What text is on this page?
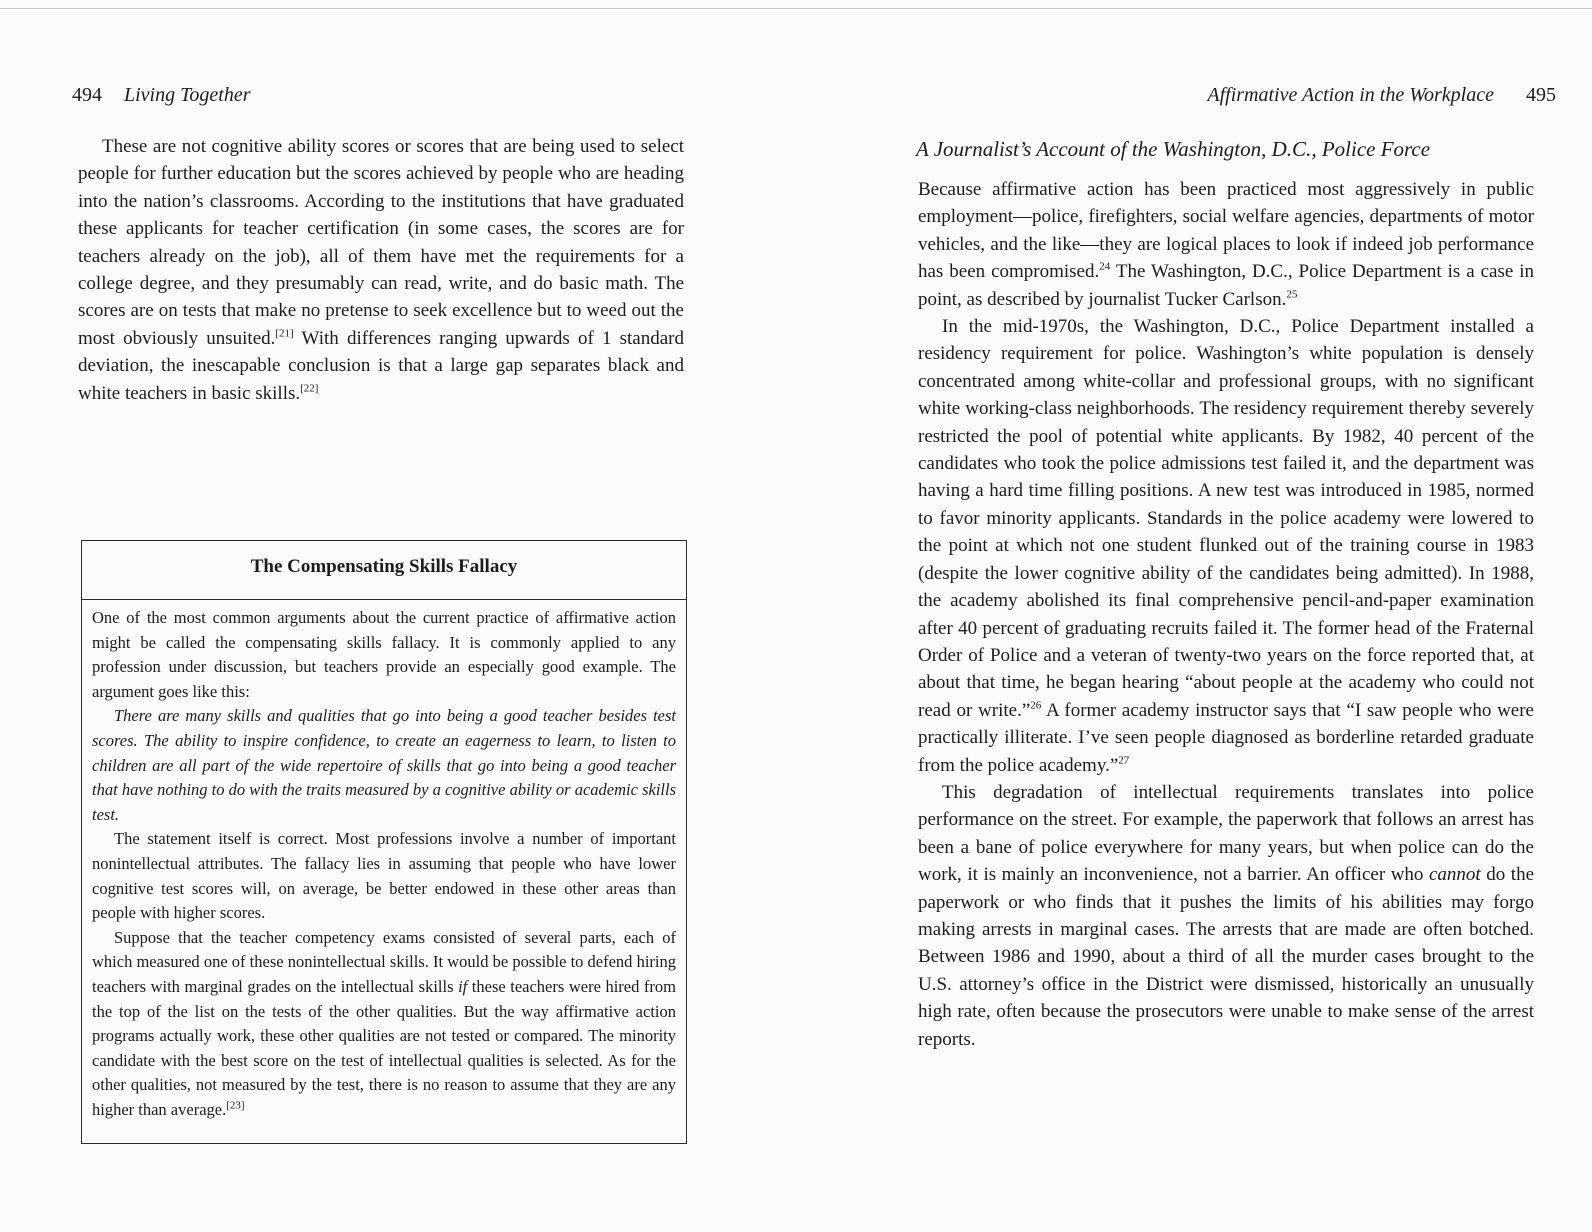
494 Living Together

These are not cognitive ability scores or scores that are being used to select people for further education but the scores achieved by people who are heading into the nation’s classrooms. According to the institutions that have graduated these applicants for teacher certification (in some cases, the scores are for teachers already on the job), all of them have met the requirements for a college degree, and they presumably can read, write, and do basic math. The scores are on tests that make no pretense to seek excellence but to weed out the most obviously unsuited.[21] With differences ranging upwards of 1 standard deviation, the inescapable conclusion is that a large gap separates black and white teachers in basic skills.[22]

The Compensating Skills Fallacy

One of the most common arguments about the current practice of affirmative action might be called the compensating skills fallacy. It is commonly applied to any profession under discussion, but teachers provide an especially good example. The argument goes like this:

There are many skills and qualities that go into being a good teacher besides test scores. The ability to inspire confidence, to create an eagerness to learn, to listen to children are all part of the wide repertoire of skills that go into being a good teacher that have nothing to do with the traits measured by a cognitive ability or academic skills test.

The statement itself is correct. Most professions involve a number of important nonintellectual attributes. The fallacy lies in assuming that people who have lower cognitive test scores will, on average, be better endowed in these other areas than people with higher scores.

Suppose that the teacher competency exams consisted of several parts, each of which measured one of these nonintellectual skills. It would be possible to defend hiring teachers with marginal grades on the intellectual skills if these teachers were hired from the top of the list on the tests of the other qualities. But the way affirmative action programs actually work, these other qualities are not tested or compared. The minority candidate with the best score on the test of intellectual qualities is selected. As for the other qualities, not measured by the test, there is no reason to assume that they are any higher than average.[23]

Affirmative Action in the Workplace 495
A Journalist’s Account of the Washington, D.C., Police Force

Because affirmative action has been practiced most aggressively in public employment—police, firefighters, social welfare agencies, departments of motor vehicles, and the like—they are logical places to look if indeed job performance has been compromised.$^{24}$ The Washington, D.C., Police Department is a case in point, as described by journalist Tucker Carlson.$^{25}$

In the mid-1970s, the Washington, D.C., Police Department installed a residency requirement for police. Washington’s white population is densely concentrated among white-collar and professional groups, with no significant white working-class neighborhoods. The residency requirement thereby severely restricted the pool of potential white applicants. By 1982, 40 percent of the candidates who took the police admissions test failed it, and the department was having a hard time filling positions. A new test was introduced in 1985, normed to favor minority applicants. Standards in the police academy were lowered to the point at which not one student flunked out of the training course in 1983 (despite the lower cognitive ability of the candidates being admitted). In 1988, the academy abolished its final comprehensive pencil-and-paper examination after 40 percent of graduating recruits failed it. The former head of the Fraternal Order of Police and a veteran of twenty-two years on the force reported that, at about that time, he began hearing “about people at the academy who could not read or write.”$^{26}$ A former academy instructor says that “I saw people who were practically illiterate. I’ve seen people diagnosed as borderline retarded graduate from the police academy.”$^{27}$

This degradation of intellectual requirements translates into police performance on the street. For example, the paperwork that follows an arrest has been a bane of police everywhere for many years, but when police can do the work, it is mainly an inconvenience, not a barrier. An officer who cannot do the paperwork or who finds that it pushes the limits of his abilities may forgo making arrests in marginal cases. The arrests that are made are often botched. Between 1986 and 1990, about a third of all the murder cases brought to the U.S. attorney’s office in the District were dismissed, historically an unusually high rate, often because the prosecutors were unable to make sense of the arrest reports.
